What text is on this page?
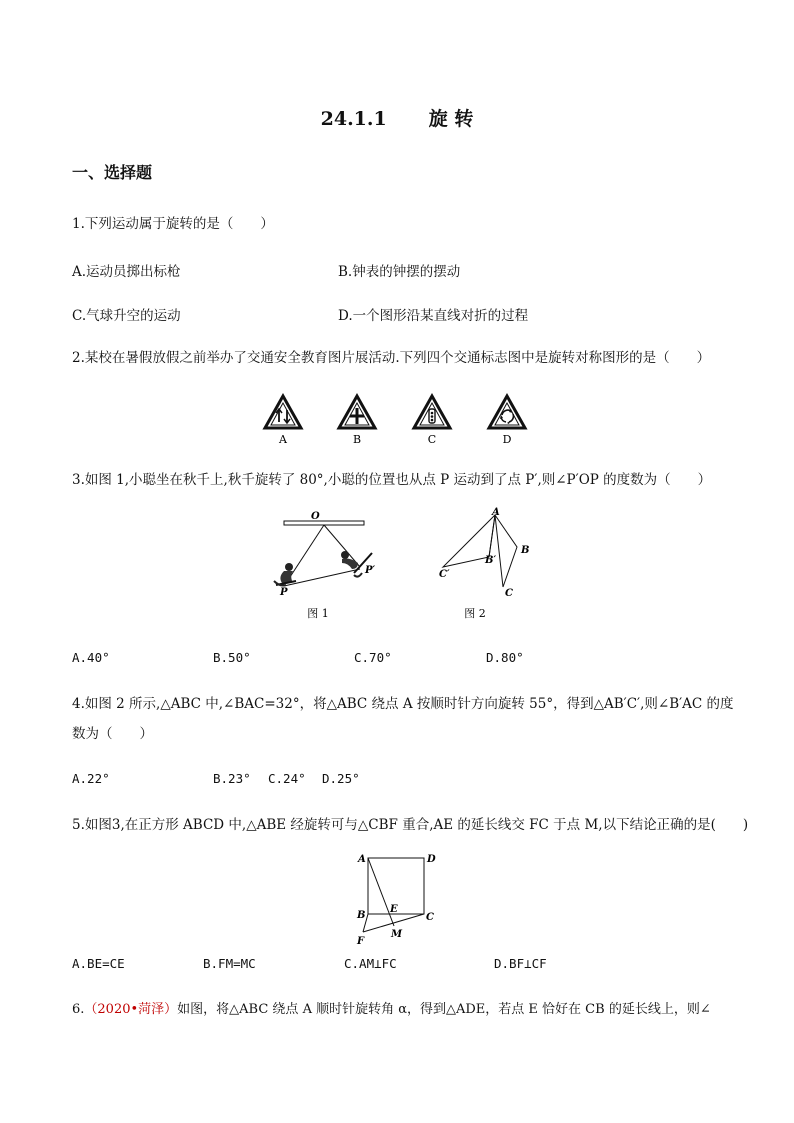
24.1.1 旋 转
一、选择题
1.下列运动属于旋转的是（　　）
A.运动员掷出标枪	B.钟表的钟摆的摆动
C.气球升空的运动	D.一个图形沿某直线对折的过程
2.某校在暑假放假之前举办了交通安全教育图片展活动.下列四个交通标志图中是旋转对称图形的是（　　）
A	B	C	D
3.如图 1,小聪坐在秋千上,秋千旋转了 80°,小聪的位置也从点 P 运动到了点 P′,则∠P′OP 的度数为（　　）
O
P
P′
图 1
A
B
C
B′
C′
图 2
A.40°	B.50°	C.70°	D.80°
4.如图 2 所示,△ABC 中,∠BAC=32°，将△ABC 绕点 A 按顺时针方向旋转 55°，得到△AB′C′,则∠B′AC 的度
数为（　　）
A.22°	B.23° C.24° D.25°
5.如图3,在正方形 ABCD 中,△ABE 经旋转可与△CBF 重合,AE 的延长线交 FC 于点 M,以下结论正确的是(　　)
A	D
B	C
E
F
M
A.BE=CE	B.FM=MC	C.AM⊥FC	D.BF⊥CF
6.（2020•菏泽）如图，将△ABC 绕点 A 顺时针旋转角 α，得到△ADE，若点 E 恰好在 CB 的延长线上，则∠
